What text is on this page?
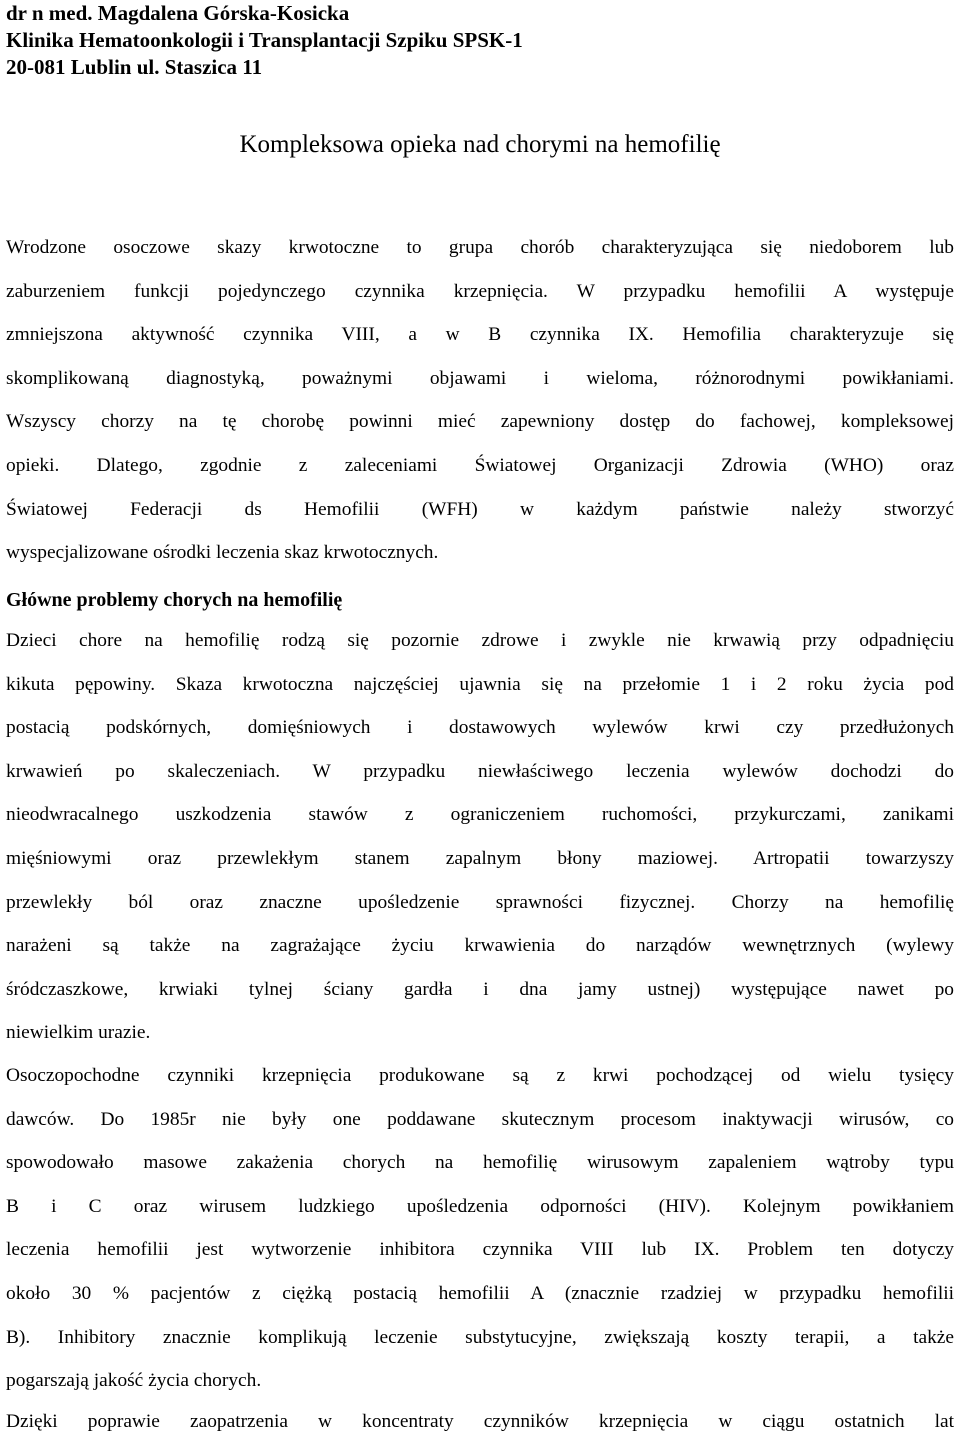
dr n med. Magdalena Górska-Kosicka
Klinika Hematoonkologii i Transplantacji Szpiku SPSK-1
20-081 Lublin ul. Staszica 11
Kompleksowa opieka nad chorymi na hemofilię
Wrodzone osoczowe skazy krwotoczne to grupa chorób charakteryzująca się niedoborem lub
zaburzeniem funkcji pojedynczego czynnika krzepnięcia. W przypadku hemofilii A występuje
zmniejszona aktywność czynnika VIII, a w B czynnika IX. Hemofilia charakteryzuje się
skomplikowaną diagnostyką, poważnymi objawami i wieloma, różnorodnymi powikłaniami.
Wszyscy chorzy na tę chorobę powinni mieć zapewniony dostęp do fachowej, kompleksowej
opieki. Dlatego, zgodnie z zaleceniami Światowej Organizacji Zdrowia (WHO) oraz
Światowej Federacji ds Hemofilii (WFH) w każdym państwie należy stworzyć
wyspecjalizowane ośrodki leczenia skaz krwotocznych.
Główne problemy chorych na hemofilię
Dzieci chore na hemofilię rodzą się pozornie zdrowe i zwykle nie krwawią przy odpadnięciu
kikuta pępowiny. Skaza krwotoczna najczęściej ujawnia się na przełomie 1 i 2 roku życia pod
postacią podskórnych, domięśniowych i dostawowych wylewów krwi czy przedłużonych
krwawień po skaleczeniach. W przypadku niewłaściwego leczenia wylewów dochodzi do
nieodwracalnego uszkodzenia stawów z ograniczeniem ruchomości, przykurczami, zanikami
mięśniowymi oraz przewlekłym stanem zapalnym błony maziowej. Artropatii towarzyszy
przewlekły ból oraz znaczne upośledzenie sprawności fizycznej. Chorzy na hemofilię
narażeni są także na zagrażające życiu krwawienia do narządów wewnętrznych (wylewy
śródczaszkowe, krwiaki tylnej ściany gardła i dna jamy ustnej) występujące nawet po
niewielkim urazie.
Osoczopochodne czynniki krzepnięcia produkowane są z krwi pochodzącej od wielu tysięcy
dawców. Do 1985r nie były one poddawane skutecznym procesom inaktywacji wirusów, co
spowodowało masowe zakażenia chorych na hemofilię wirusowym zapaleniem wątroby typu
B i C oraz wirusem ludzkiego upośledzenia odporności (HIV). Kolejnym powikłaniem
leczenia hemofilii jest wytworzenie inhibitora czynnika VIII lub IX. Problem ten dotyczy
około 30 % pacjentów z ciężką postacią hemofilii A (znacznie rzadziej w przypadku hemofilii
B). Inhibitory znacznie komplikują leczenie substytucyjne, zwiększają koszty terapii, a także
pogarszają jakość życia chorych.
Dzięki poprawie zaopatrzenia w koncentraty czynników krzepnięcia w ciągu ostatnich lat
